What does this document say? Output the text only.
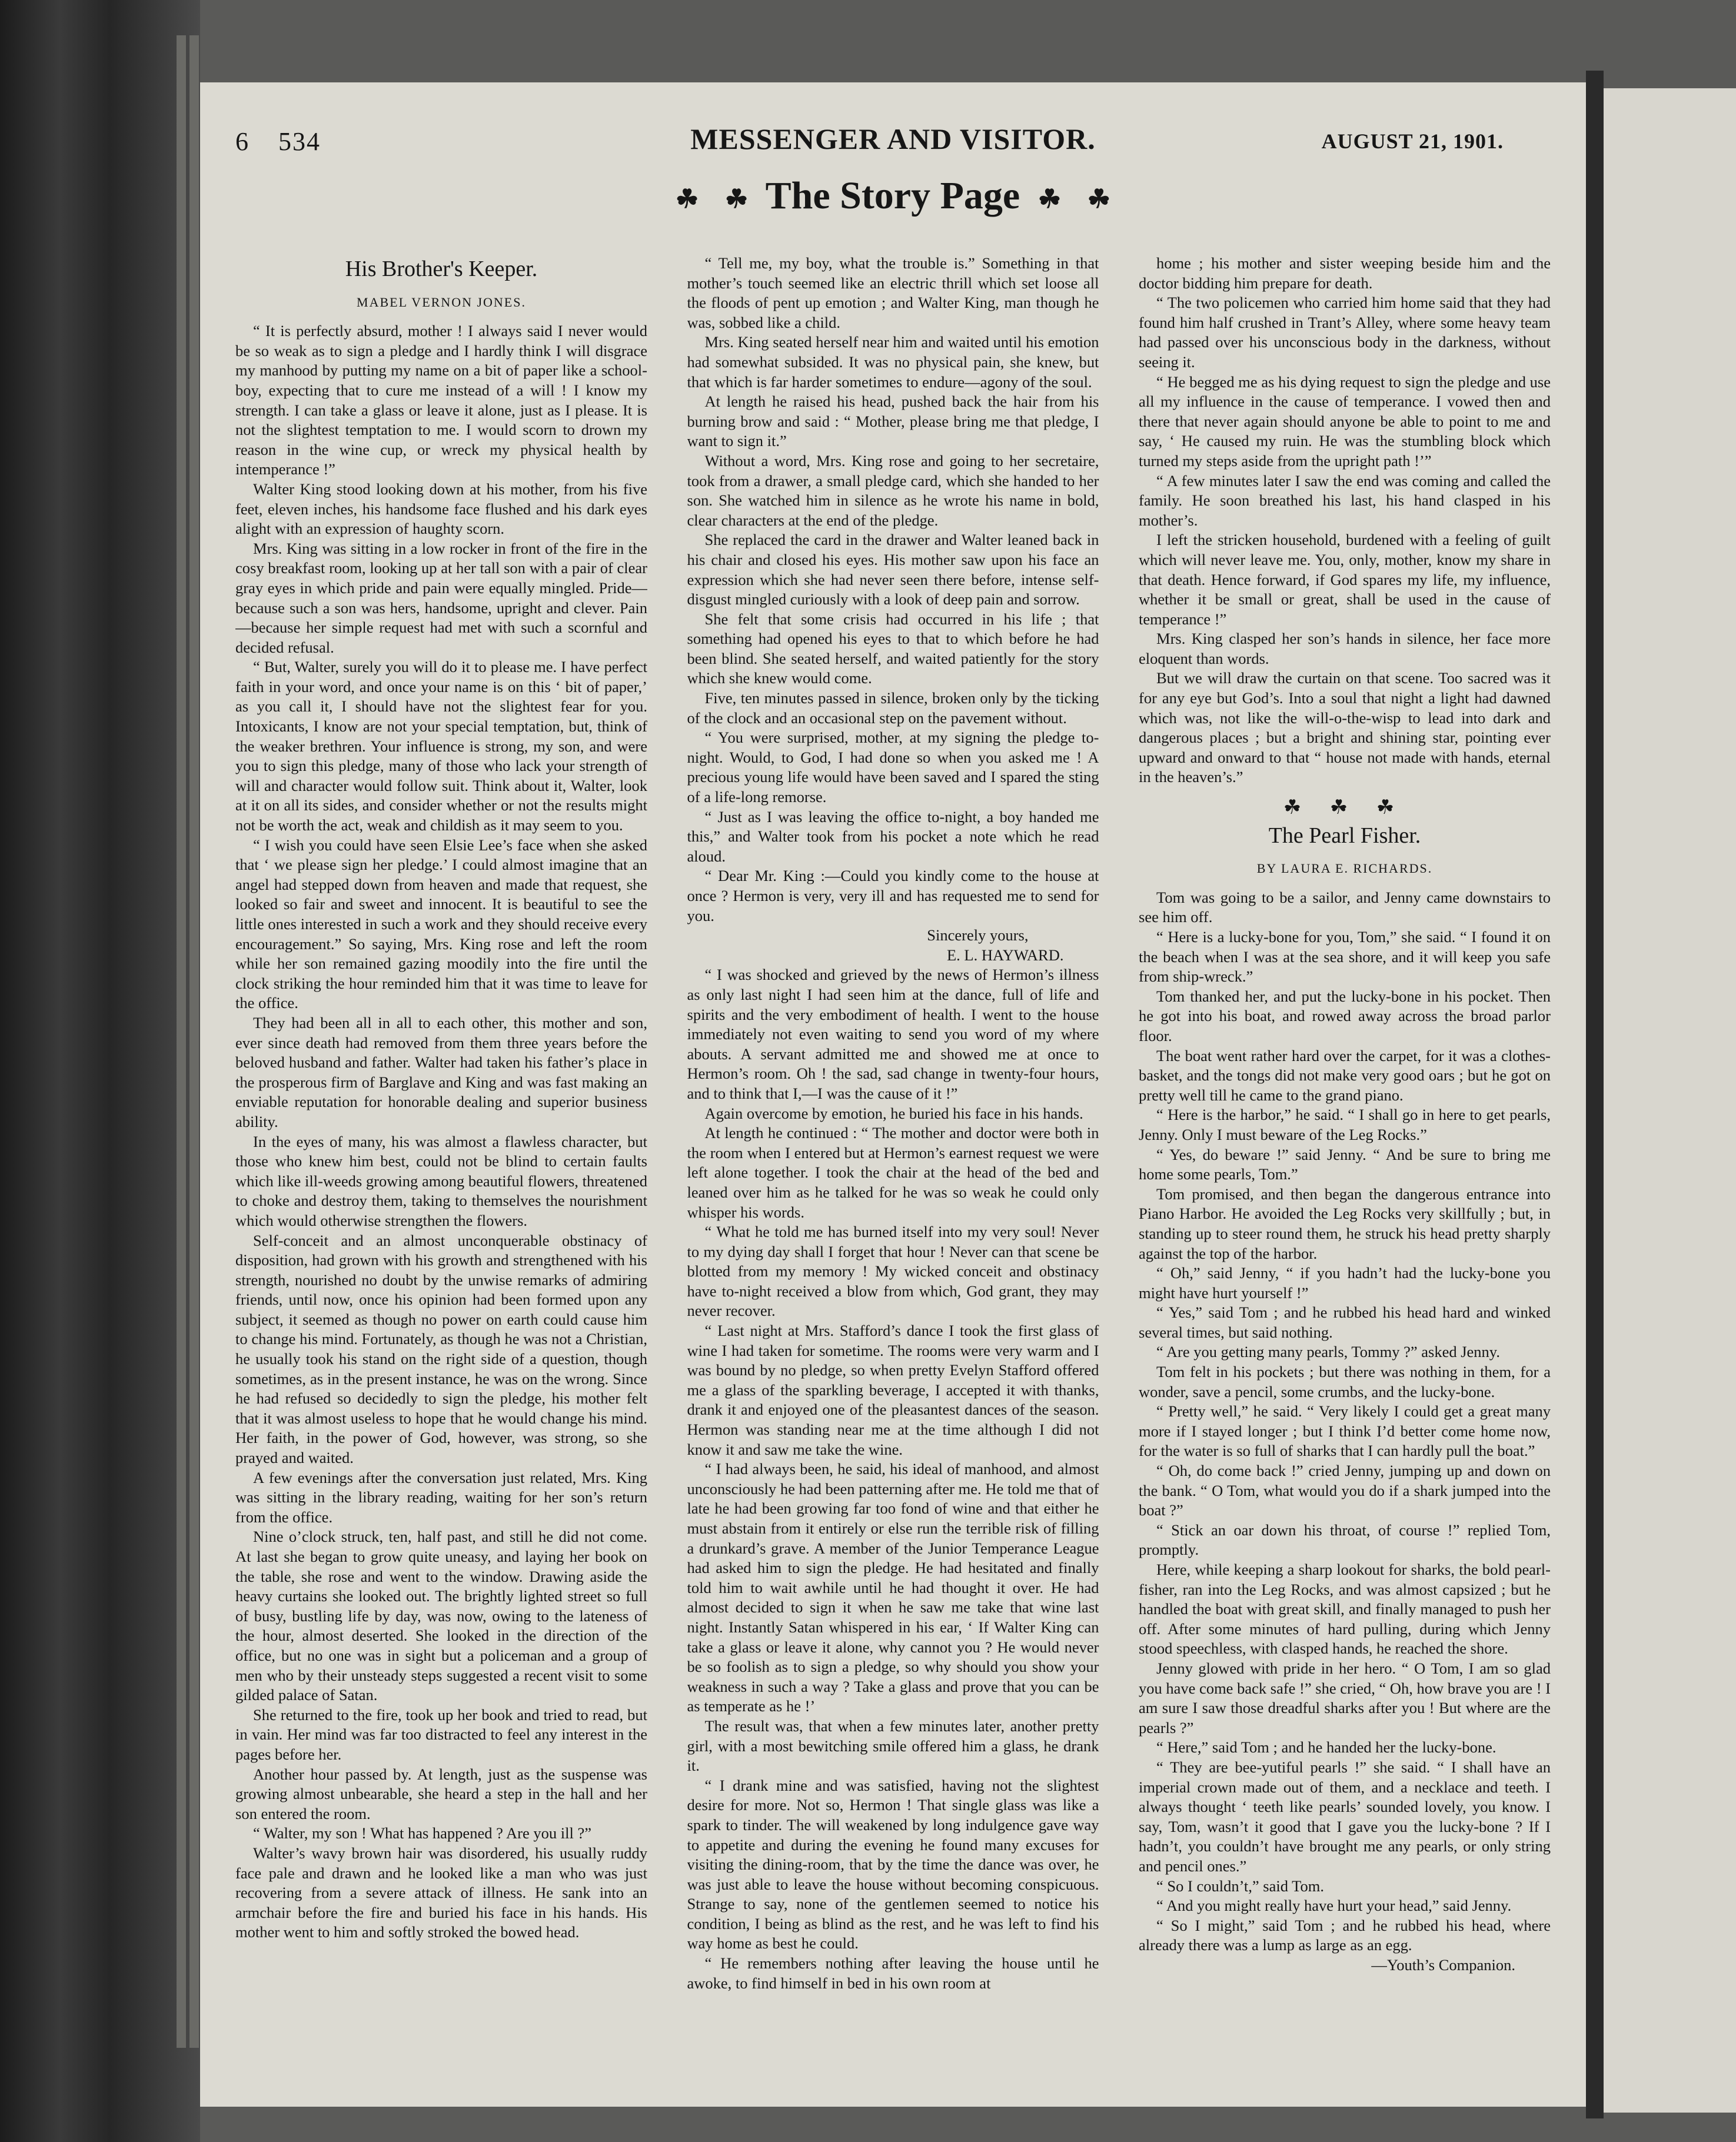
6 534	MESSENGER AND VISITOR.	AUGUST 21, 1901.
☘ ☘ The Story Page ☘ ☘
His Brother's Keeper.
MABEL VERNON JONES.

“ It is perfectly absurd, mother ! I always said I never would be so weak as to sign a pledge and I hardly think I will disgrace my manhood by putting my name on a bit of paper like a school-boy, expecting that to cure me instead of a will ! I know my strength. I can take a glass or leave it alone, just as I please. It is not the slightest temptation to me. I would scorn to drown my reason in the wine cup, or wreck my physical health by intemperance !”

Walter King stood looking down at his mother, from his five feet, eleven inches, his handsome face flushed and his dark eyes alight with an expression of haughty scorn.

Mrs. King was sitting in a low rocker in front of the fire in the cosy breakfast room, looking up at her tall son with a pair of clear gray eyes in which pride and pain were equally mingled. Pride—because such a son was hers, handsome, upright and clever. Pain—because her simple request had met with such a scornful and decided refusal.

“ But, Walter, surely you will do it to please me. I have perfect faith in your word, and once your name is on this ‘ bit of paper,’ as you call it, I should have not the slightest fear for you. Intoxicants, I know are not your special temptation, but, think of the weaker brethren. Your influence is strong, my son, and were you to sign this pledge, many of those who lack your strength of will and character would follow suit. Think about it, Walter, look at it on all its sides, and consider whether or not the results might not be worth the act, weak and childish as it may seem to you.

“ I wish you could have seen Elsie Lee’s face when she asked that ‘ we please sign her pledge.’ I could almost imagine that an angel had stepped down from heaven and made that request, she looked so fair and sweet and innocent. It is beautiful to see the little ones interested in such a work and they should receive every encouragement.” So saying, Mrs. King rose and left the room while her son remained gazing moodily into the fire until the clock striking the hour reminded him that it was time to leave for the office.

They had been all in all to each other, this mother and son, ever since death had removed from them three years before the beloved husband and father. Walter had taken his father’s place in the prosperous firm of Barglave and King and was fast making an enviable reputation for honorable dealing and superior business ability.

In the eyes of many, his was almost a flawless character, but those who knew him best, could not be blind to certain faults which like ill-weeds growing among beautiful flowers, threatened to choke and destroy them, taking to themselves the nourishment which would otherwise strengthen the flowers.

Self-conceit and an almost unconquerable obstinacy of disposition, had grown with his growth and strengthened with his strength, nourished no doubt by the unwise remarks of admiring friends, until now, once his opinion had been formed upon any subject, it seemed as though no power on earth could cause him to change his mind. Fortunately, as though he was not a Christian, he usually took his stand on the right side of a question, though sometimes, as in the present instance, he was on the wrong. Since he had refused so decidedly to sign the pledge, his mother felt that it was almost useless to hope that he would change his mind. Her faith, in the power of God, however, was strong, so she prayed and waited.

A few evenings after the conversation just related, Mrs. King was sitting in the library reading, waiting for her son’s return from the office.

Nine o’clock struck, ten, half past, and still he did not come. At last she began to grow quite uneasy, and laying her book on the table, she rose and went to the window. Drawing aside the heavy curtains she looked out. The brightly lighted street so full of busy, bustling life by day, was now, owing to the lateness of the hour, almost deserted. She looked in the direction of the office, but no one was in sight but a policeman and a group of men who by their unsteady steps suggested a recent visit to some gilded palace of Satan.

She returned to the fire, took up her book and tried to read, but in vain. Her mind was far too distracted to feel any interest in the pages before her.

Another hour passed by. At length, just as the suspense was growing almost unbearable, she heard a step in the hall and her son entered the room.

“ Walter, my son ! What has happened ? Are you ill ?”

Walter’s wavy brown hair was disordered, his usually ruddy face pale and drawn and he looked like a man who was just recovering from a severe attack of illness. He sank into an armchair before the fire and buried his face in his hands. His mother went to him and softly stroked the bowed head.

“ Tell me, my boy, what the trouble is.” Something in that mother’s touch seemed like an electric thrill which set loose all the floods of pent up emotion ; and Walter King, man though he was, sobbed like a child.

Mrs. King seated herself near him and waited until his emotion had somewhat subsided. It was no physical pain, she knew, but that which is far harder sometimes to endure—agony of the soul.

At length he raised his head, pushed back the hair from his burning brow and said : “ Mother, please bring me that pledge, I want to sign it.”

Without a word, Mrs. King rose and going to her secretaire, took from a drawer, a small pledge card, which she handed to her son. She watched him in silence as he wrote his name in bold, clear characters at the end of the pledge.

She replaced the card in the drawer and Walter leaned back in his chair and closed his eyes. His mother saw upon his face an expression which she had never seen there before, intense self-disgust mingled curiously with a look of deep pain and sorrow.

She felt that some crisis had occurred in his life ; that something had opened his eyes to that to which before he had been blind. She seated herself, and waited patiently for the story which she knew would come.

Five, ten minutes passed in silence, broken only by the ticking of the clock and an occasional step on the pavement without.

“ You were surprised, mother, at my signing the pledge to-night. Would, to God, I had done so when you asked me ! A precious young life would have been saved and I spared the sting of a life-long remorse.

“ Just as I was leaving the office to-night, a boy handed me this,” and Walter took from his pocket a note which he read aloud.

“ Dear Mr. King :—Could you kindly come to the house at once ? Hermon is very, very ill and has requested me to send for you.

Sincerely yours,

E. L. HAYWARD.

“ I was shocked and grieved by the news of Hermon’s illness as only last night I had seen him at the dance, full of life and spirits and the very embodiment of health. I went to the house immediately not even waiting to send you word of my where abouts. A servant admitted me and showed me at once to Hermon’s room. Oh ! the sad, sad change in twenty-four hours, and to think that I,—I was the cause of it !”

Again overcome by emotion, he buried his face in his hands.

At length he continued : “ The mother and doctor were both in the room when I entered but at Hermon’s earnest request we were left alone together. I took the chair at the head of the bed and leaned over him as he talked for he was so weak he could only whisper his words.

“ What he told me has burned itself into my very soul! Never to my dying day shall I forget that hour ! Never can that scene be blotted from my memory ! My wicked conceit and obstinacy have to-night received a blow from which, God grant, they may never recover.

“ Last night at Mrs. Stafford’s dance I took the first glass of wine I had taken for sometime. The rooms were very warm and I was bound by no pledge, so when pretty Evelyn Stafford offered me a glass of the sparkling beverage, I accepted it with thanks, drank it and enjoyed one of the pleasantest dances of the season. Hermon was standing near me at the time although I did not know it and saw me take the wine.

“ I had always been, he said, his ideal of manhood, and almost unconsciously he had been patterning after me. He told me that of late he had been growing far too fond of wine and that either he must abstain from it entirely or else run the terrible risk of filling a drunkard’s grave. A member of the Junior Temperance League had asked him to sign the pledge. He had hesitated and finally told him to wait awhile until he had thought it over. He had almost decided to sign it when he saw me take that wine last night. Instantly Satan whispered in his ear, ‘ If Walter King can take a glass or leave it alone, why cannot you ? He would never be so foolish as to sign a pledge, so why should you show your weakness in such a way ? Take a glass and prove that you can be as temperate as he !’

The result was, that when a few minutes later, another pretty girl, with a most bewitching smile offered him a glass, he drank it.

“ I drank mine and was satisfied, having not the slightest desire for more. Not so, Hermon ! That single glass was like a spark to tinder. The will weakened by long indulgence gave way to appetite and during the evening he found many excuses for visiting the dining-room, that by the time the dance was over, he was just able to leave the house without becoming conspicuous. Strange to say, none of the gentlemen seemed to notice his condition, I being as blind as the rest, and he was left to find his way home as best he could.

“ He remembers nothing after leaving the house until he awoke, to find himself in bed in his own room at

home ; his mother and sister weeping beside him and the doctor bidding him prepare for death.

“ The two policemen who carried him home said that they had found him half crushed in Trant’s Alley, where some heavy team had passed over his unconscious body in the darkness, without seeing it.

“ He begged me as his dying request to sign the pledge and use all my influence in the cause of temperance. I vowed then and there that never again should anyone be able to point to me and say, ‘ He caused my ruin. He was the stumbling block which turned my steps aside from the upright path !’”

“ A few minutes later I saw the end was coming and called the family. He soon breathed his last, his hand clasped in his mother’s.

I left the stricken household, burdened with a feeling of guilt which will never leave me. You, only, mother, know my share in that death. Hence forward, if God spares my life, my influence, whether it be small or great, shall be used in the cause of temperance !”

Mrs. King clasped her son’s hands in silence, her face more eloquent than words.

But we will draw the curtain on that scene. Too sacred was it for any eye but God’s. Into a soul that night a light had dawned which was, not like the will-o-the-wisp to lead into dark and dangerous places ; but a bright and shining star, pointing ever upward and onward to that “ house not made with hands, eternal in the heaven’s.”

☘ ☘ ☘
The Pearl Fisher.
BY LAURA E. RICHARDS.

Tom was going to be a sailor, and Jenny came downstairs to see him off.

“ Here is a lucky-bone for you, Tom,” she said. “ I found it on the beach when I was at the sea shore, and it will keep you safe from ship-wreck.”

Tom thanked her, and put the lucky-bone in his pocket. Then he got into his boat, and rowed away across the broad parlor floor.

The boat went rather hard over the carpet, for it was a clothes-basket, and the tongs did not make very good oars ; but he got on pretty well till he came to the grand piano.

“ Here is the harbor,” he said. “ I shall go in here to get pearls, Jenny. Only I must beware of the Leg Rocks.”

“ Yes, do beware !” said Jenny. “ And be sure to bring me home some pearls, Tom.”

Tom promised, and then began the dangerous entrance into Piano Harbor. He avoided the Leg Rocks very skillfully ; but, in standing up to steer round them, he struck his head pretty sharply against the top of the harbor.

“ Oh,” said Jenny, “ if you hadn’t had the lucky-bone you might have hurt yourself !”

“ Yes,” said Tom ; and he rubbed his head hard and winked several times, but said nothing.

“ Are you getting many pearls, Tommy ?” asked Jenny.

Tom felt in his pockets ; but there was nothing in them, for a wonder, save a pencil, some crumbs, and the lucky-bone.

“ Pretty well,” he said. “ Very likely I could get a great many more if I stayed longer ; but I think I’d better come home now, for the water is so full of sharks that I can hardly pull the boat.”

“ Oh, do come back !” cried Jenny, jumping up and down on the bank. “ O Tom, what would you do if a shark jumped into the boat ?”

“ Stick an oar down his throat, of course !” replied Tom, promptly.

Here, while keeping a sharp lookout for sharks, the bold pearl-fisher, ran into the Leg Rocks, and was almost capsized ; but he handled the boat with great skill, and finally managed to push her off. After some minutes of hard pulling, during which Jenny stood speechless, with clasped hands, he reached the shore.

Jenny glowed with pride in her hero. “ O Tom, I am so glad you have come back safe !” she cried, “ Oh, how brave you are ! I am sure I saw those dreadful sharks after you ! But where are the pearls ?”

“ Here,” said Tom ; and he handed her the lucky-bone.

“ They are bee-yutiful pearls !” she said. “ I shall have an imperial crown made out of them, and a necklace and teeth. I always thought ‘ teeth like pearls’ sounded lovely, you know. I say, Tom, wasn’t it good that I gave you the lucky-bone ? If I hadn’t, you couldn’t have brought me any pearls, or only string and pencil ones.”

“ So I couldn’t,” said Tom.

“ And you might really have hurt your head,” said Jenny.

“ So I might,” said Tom ; and he rubbed his head, where already there was a lump as large as an egg.

—Youth’s Companion.
